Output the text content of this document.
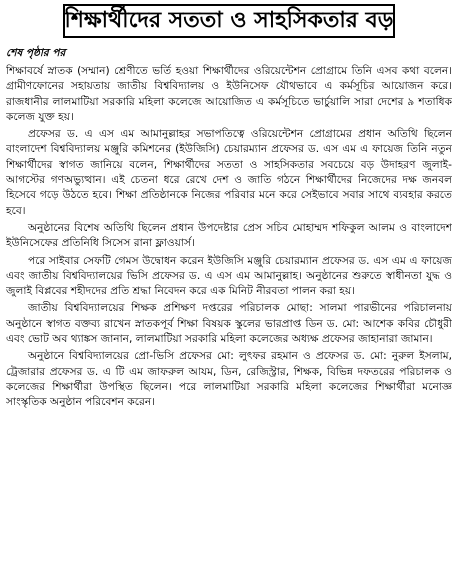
শিক্ষার্থীদের সততা ও সাহসিকতার বড়
শেষ পৃষ্ঠার পর

শিক্ষাবর্ষে স্নাতক (সম্মান) শ্রেণীতে ভর্তি হওয়া শিক্ষার্থীদের ওরিয়েন্টেশন প্রোগ্রামে তিনি এসব কথা বলেন। গ্রামীণফোনের সহায়তায় জাতীয় বিশ্ববিদ্যালয় ও ইউনিসেফ যৌথভাবে এ কর্মসূচির আয়োজন করে। রাজধানীর লালমাটিয়া সরকারি মহিলা কলেজে আয়োজিত এ কর্মসূচিতে ভার্চুয়ালি সারা দেশের ৯ শতাধিক কলেজ যুক্ত হয়।

প্রফেসর ড. এ এস এম আমানুল্লাহর সভাপতিত্বে ওরিয়েন্টেশন প্রোগ্রামের প্রধান অতিথি ছিলেন বাংলাদেশ বিশ্ববিদ্যালয় মঞ্জুরি কমিশনের (ইউজিসি) চেয়ারম্যান প্রফেসর ড. এস এম এ ফায়েজ তিনি নতুন শিক্ষার্থীদের স্বাগত জানিয়ে বলেন, শিক্ষার্থীদের সততা ও সাহসিকতার সবচেয়ে বড় উদাহরণ জুলাই-আগস্টের গণঅভ্যুত্থান। এই চেতনা ধরে রেখে দেশ ও জাতি গঠনে শিক্ষার্থীদের নিজেদের দক্ষ জনবল হিসেবে গড়ে উঠতে হবে। শিক্ষা প্রতিষ্ঠানকে নিজের পরিবার মনে করে সেইভাবে সবার সাথে ব্যবহার করতে হবে।

অনুষ্ঠানের বিশেষ অতিথি ছিলেন প্রধান উপদেষ্টার প্রেস সচিব মোহাম্মদ শফিকুল আলম ও বাংলাদেশ ইউনিসেফের প্রতিনিধি সিসেস রানা ফ্লাওয়ার্স।

পরে সাইবার সেফটি গেমস উদ্বোধন করেন ইউজিসি মঞ্জুরি চেয়ারম্যান প্রফেসর ড. এস এম এ ফায়েজ এবং জাতীয় বিশ্ববিদ্যালয়ের ভিসি প্রফেসর ড. এ এস এম আমানুল্লাহ। অনুষ্ঠানের শুরুতে স্বাধীনতা যুদ্ধ ও জুলাই বিপ্লবের শহীদদের প্রতি শ্রদ্ধা নিবেদন করে এক মিনিট নীরবতা পালন করা হয়।

জাতীয় বিশ্ববিদ্যালয়ের শিক্ষক প্রশিক্ষণ দপ্তরের পরিচালক মোছা: সালমা পারভীনের পরিচালনায় অনুষ্ঠানে স্বাগত বক্তব্য রাখেন স্নাতকপূর্ব শিক্ষা বিষয়ক স্কুলের ভারপ্রাপ্ত ডিন ড. মো: আশেক কবির চৌধুরী এবং ভোট অব থ্যাঙ্কস জানান, লালমাটিয়া সরকারি মহিলা কলেজের অধ্যক্ষ প্রফেসর জাহানারা জামান।

অনুষ্ঠানে বিশ্ববিদ্যালয়ের প্রো-ভিসি প্রফেসর মো: লুৎফর রহমান ও প্রফেসর ড. মো: নুরুল ইসলাম, ট্রেজারার প্রফেসর ড. এ টি এম জাফরুল আযম, ডিন, রেজিস্ট্রার, শিক্ষক, বিভিন্ন দফতরের পরিচালক ও কলেজের শিক্ষার্থীরা উপস্থিত ছিলেন। পরে লালমাটিয়া সরকারি মহিলা কলেজের শিক্ষার্থীরা মনোজ্ঞ সাংস্কৃতিক অনুষ্ঠান পরিবেশন করেন।
